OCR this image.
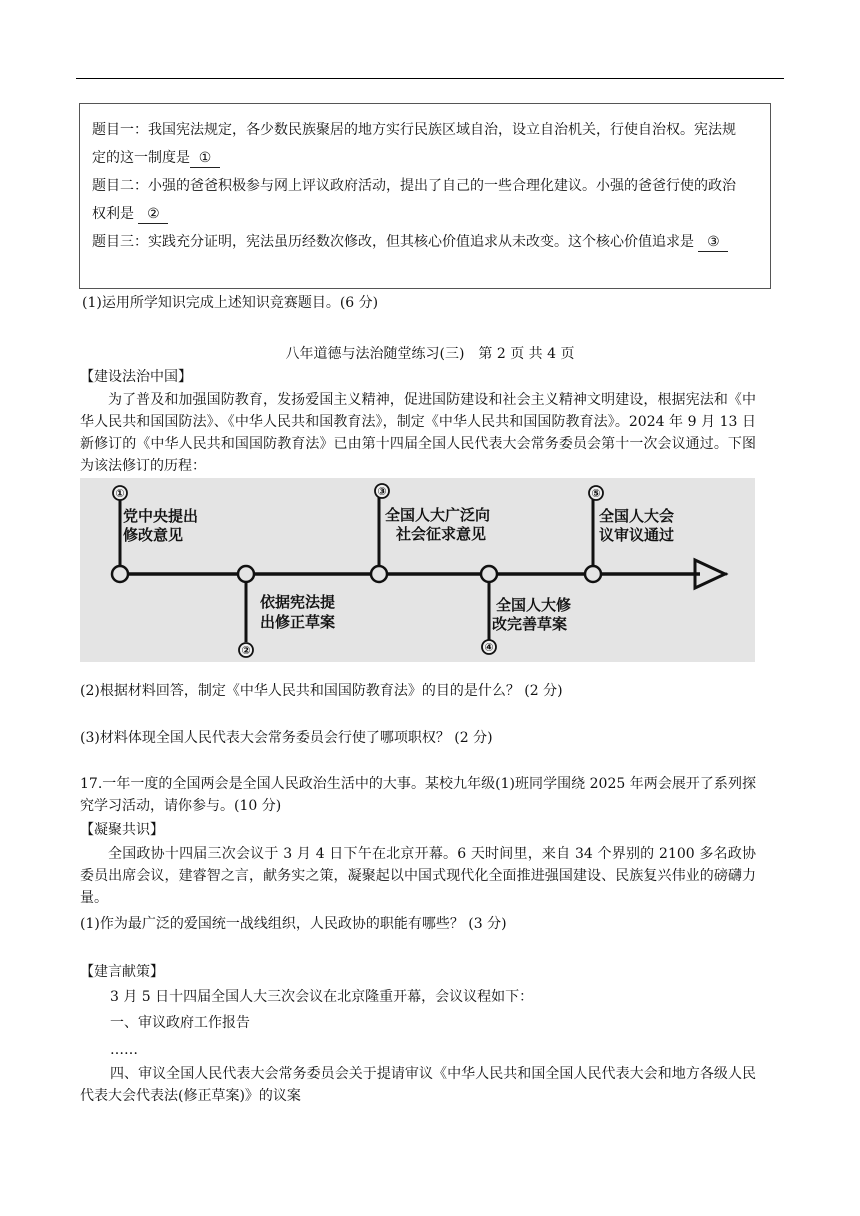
题目一：我国宪法规定，各少数民族聚居的地方实行民族区域自治，设立自治机关，行使自治权。宪法规

定的这一制度是 ①

题目二：小强的爸爸积极参与网上评议政府活动，提出了自己的一些合理化建议。小强的爸爸行使的政治

权利是 ②

题目三：实践充分证明，宪法虽历经数次修改，但其核心价值追求从未改变。这个核心价值追求是 ③

(1)运用所学知识完成上述知识竞赛题目。(6 分)

八年道德与法治随堂练习(三)　第 2 页 共 4 页

【建设法治中国】

为了普及和加强国防教育，发扬爱国主义精神，促进国防建设和社会主义精神文明建设，根据宪法和《中华人民共和国国防法》、《中华人民共和国教育法》，制定《中华人民共和国国防教育法》。2024 年 9 月 13 日新修订的《中华人民共和国国防教育法》已由第十四届全国人民代表大会常务委员会第十一次会议通过。下图为该法修订的历程：

①
党中央提出
修改意见
依据宪法提
出修正草案
②
③
全国人大广泛向
社会征求意见
全国人大修
改完善草案
④
⑤
全国人大会
议审议通过

(2)根据材料回答，制定《中华人民共和国国防教育法》的目的是什么？ (2 分)

(3)材料体现全国人民代表大会常务委员会行使了哪项职权？ (2 分)

17.一年一度的全国两会是全国人民政治生活中的大事。某校九年级(1)班同学围绕 2025 年两会展开了系列探究学习活动，请你参与。(10 分)

【凝聚共识】

全国政协十四届三次会议于 3 月 4 日下午在北京开幕。6 天时间里，来自 34 个界别的 2100 多名政协委员出席会议，建睿智之言，献务实之策，凝聚起以中国式现代化全面推进强国建设、民族复兴伟业的磅礴力量。

(1)作为最广泛的爱国统一战线组织，人民政协的职能有哪些？ (3 分)

【建言献策】

3 月 5 日十四届全国人大三次会议在北京隆重开幕，会议议程如下：

一、审议政府工作报告

……

四、审议全国人民代表大会常务委员会关于提请审议《中华人民共和国全国人民代表大会和地方各级人民代表大会代表法(修正草案)》的议案
